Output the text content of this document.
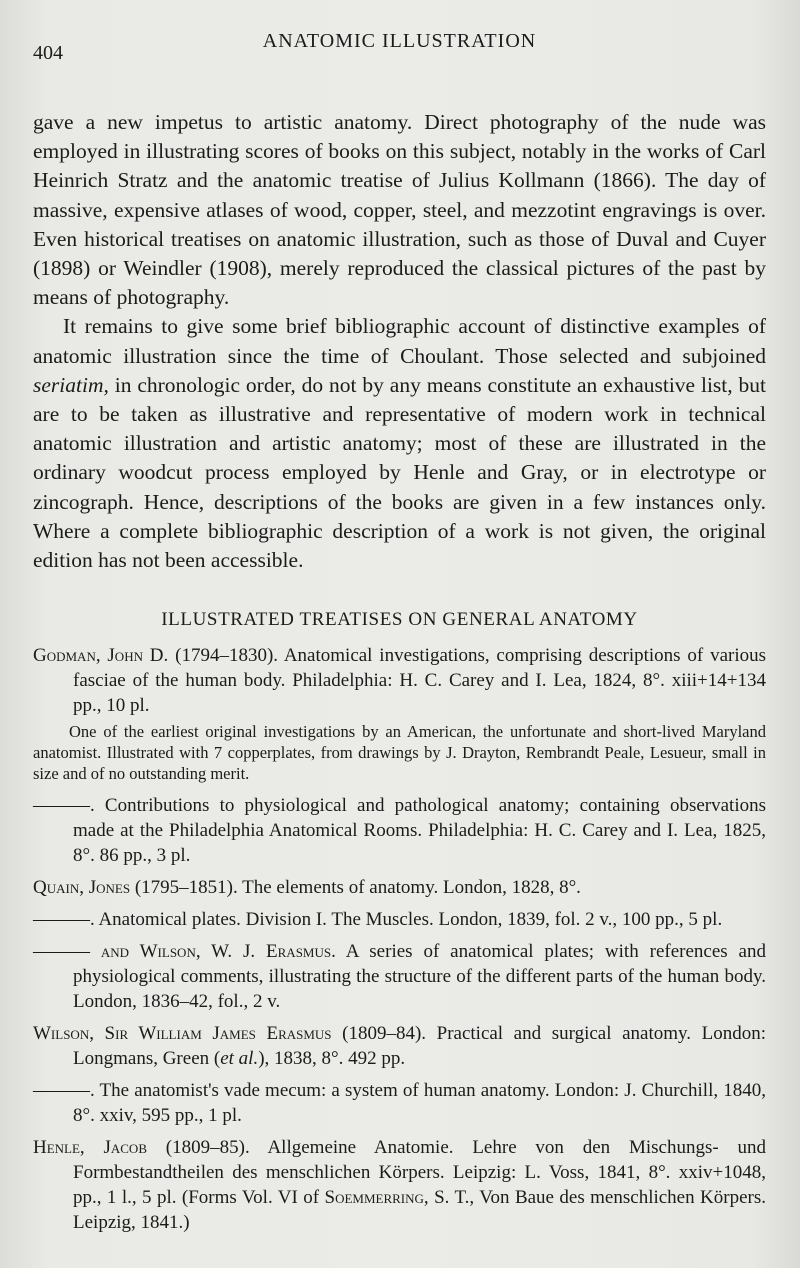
404
ANATOMIC ILLUSTRATION

gave a new impetus to artistic anatomy. Direct photography of the nude was employed in illustrating scores of books on this subject, notably in the works of Carl Heinrich Stratz and the anatomic treatise of Julius Kollmann (1866). The day of massive, expensive atlases of wood, copper, steel, and mezzotint engravings is over. Even historical treatises on anatomic illustration, such as those of Duval and Cuyer (1898) or Weindler (1908), merely reproduced the classical pictures of the past by means of photography.

It remains to give some brief bibliographic account of distinctive examples of anatomic illustration since the time of Choulant. Those selected and subjoined seriatim, in chronologic order, do not by any means constitute an exhaustive list, but are to be taken as illustrative and representative of modern work in technical anatomic illustration and artistic anatomy; most of these are illustrated in the ordinary woodcut process employed by Henle and Gray, or in electrotype or zincograph. Hence, descriptions of the books are given in a few instances only. Where a complete bibliographic description of a work is not given, the original edition has not been accessible.

ILLUSTRATED TREATISES ON GENERAL ANATOMY
Godman, John D. (1794–1830). Anatomical investigations, comprising descriptions of various fasciae of the human body. Philadelphia: H. C. Carey and I. Lea, 1824, 8°. xiii+14+134 pp., 10 pl.
One of the earliest original investigations by an American, the unfortunate and short-lived Maryland anatomist. Illustrated with 7 copperplates, from drawings by J. Drayton, Rembrandt Peale, Lesueur, small in size and of no outstanding merit.
———. Contributions to physiological and pathological anatomy; containing observations made at the Philadelphia Anatomical Rooms. Philadelphia: H. C. Carey and I. Lea, 1825, 8°. 86 pp., 3 pl.
Quain, Jones (1795–1851). The elements of anatomy. London, 1828, 8°.
———. Anatomical plates. Division I. The Muscles. London, 1839, fol. 2 v., 100 pp., 5 pl.
——— and Wilson, W. J. Erasmus. A series of anatomical plates; with references and physiological comments, illustrating the structure of the different parts of the human body. London, 1836–42, fol., 2 v.
Wilson, Sir William James Erasmus (1809–84). Practical and surgical anatomy. London: Longmans, Green (et al.), 1838, 8°. 492 pp.
———. The anatomist's vade mecum: a system of human anatomy. London: J. Churchill, 1840, 8°. xxiv, 595 pp., 1 pl.
Henle, Jacob (1809–85). Allgemeine Anatomie. Lehre von den Mischungs- und Formbestandtheilen des menschlichen Körpers. Leipzig: L. Voss, 1841, 8°. xxiv+1048, pp., 1 l., 5 pl. (Forms Vol. VI of Soemmerring, S. T., Von Baue des menschlichen Körpers. Leipzig, 1841.)
